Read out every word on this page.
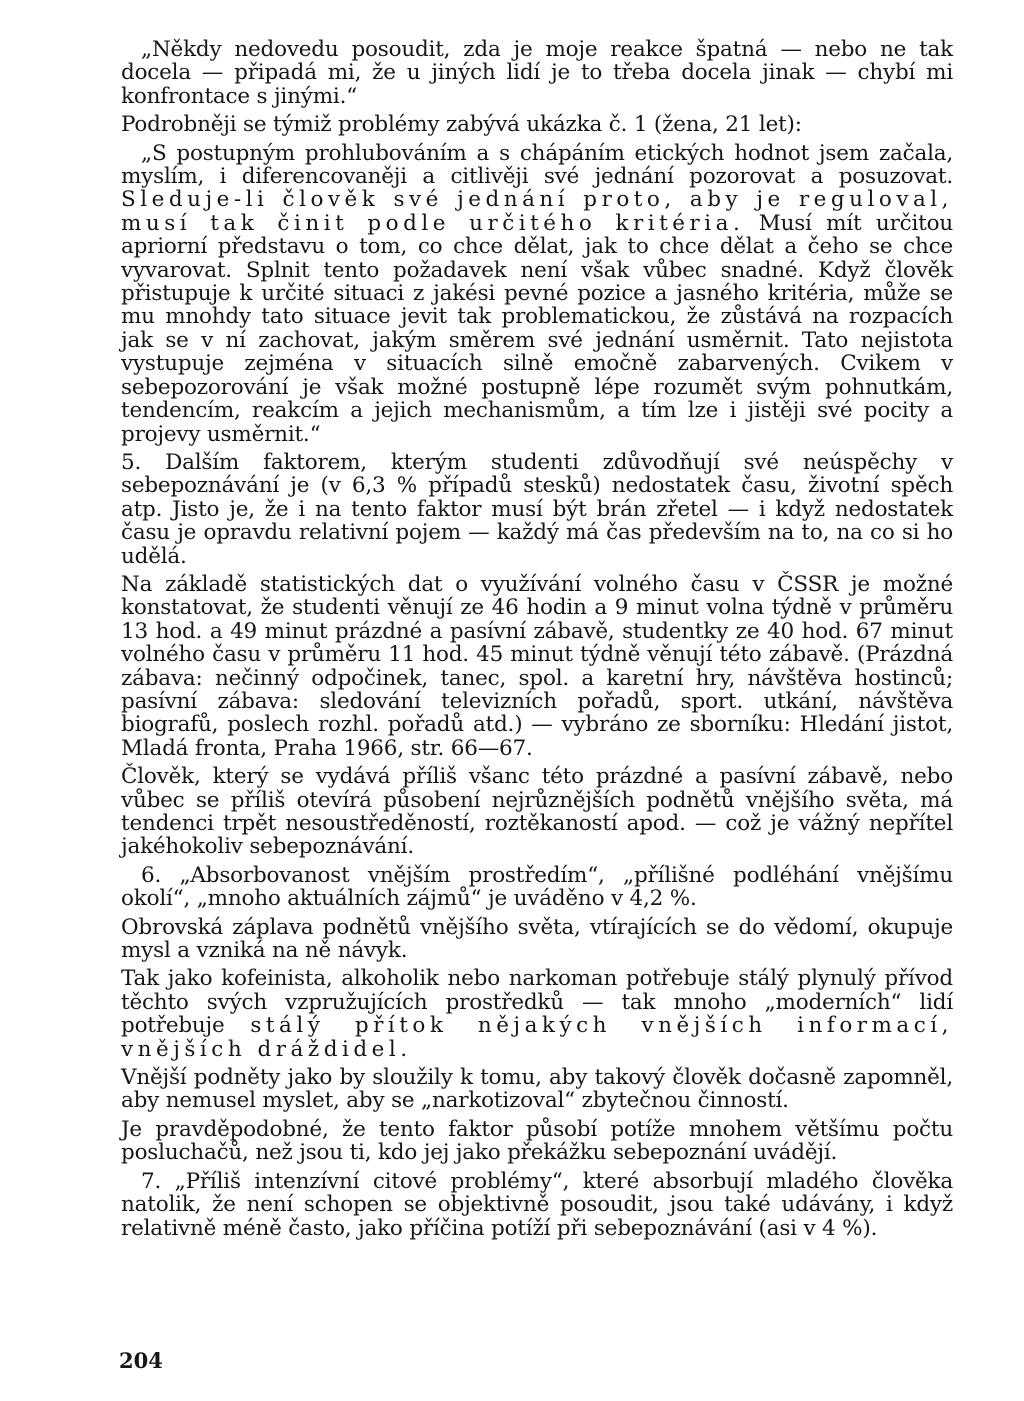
„Někdy nedovedu posoudit, zda je moje reakce špatná — nebo ne tak docela — připadá mi, že u jiných lidí je to třeba docela jinak — chybí mi konfrontace s jinými.“

Podrobněji se týmiž problémy zabývá ukázka č. 1 (žena, 21 let):

„S postupným prohlubováním a s chápáním etických hodnot jsem začala, myslím, i diferencovaněji a citlivěji své jednání pozorovat a posuzovat. Sleduje-li člověk své jednání proto, aby je reguloval, musí tak činit podle určitého kritéria. Musí mít určitou apriorní představu o tom, co chce dělat, jak to chce dělat a čeho se chce vyvarovat. Splnit tento požadavek není však vůbec snadné. Když člověk přistupuje k určité situaci z jakési pevné pozice a jasného kritéria, může se mu mnohdy tato situace jevit tak problematickou, že zůstává na rozpacích jak se v ní zachovat, jakým směrem své jednání usměrnit. Tato nejistota vystupuje zejména v situacích silně emočně zabarvených. Cvikem v sebepozorování je však možné postupně lépe rozumět svým pohnutkám, tendencím, reakcím a jejich mechanismům, a tím lze i jistěji své pocity a projevy usměrnit.“

5. Dalším faktorem, kterým studenti zdůvodňují své neúspěchy v sebepoznávání je (v 6,3 % případů stesků) nedostatek času, životní spěch atp. Jisto je, že i na tento faktor musí být brán zřetel — i když nedostatek času je opravdu relativní pojem — každý má čas především na to, na co si ho udělá.

Na základě statistických dat o využívání volného času v ČSSR je možné konstatovat, že studenti věnují ze 46 hodin a 9 minut volna týdně v průměru 13 hod. a 49 minut prázdné a pasívní zábavě, studentky ze 40 hod. 67 minut volného času v průměru 11 hod. 45 minut týdně věnují této zábavě. (Prázdná zábava: nečinný odpočinek, tanec, spol. a karetní hry, návštěva hostinců; pasívní zábava: sledování televizních pořadů, sport. utkání, návštěva biografů, poslech rozhl. pořadů atd.) — vybráno ze sborníku: Hledání jistot, Mladá fronta, Praha 1966, str. 66—67.

Člověk, který se vydává příliš všanc této prázdné a pasívní zábavě, nebo vůbec se příliš otevírá působení nejrůznějších podnětů vnějšího světa, má tendenci trpět nesoustředěností, roztěkaností apod. — což je vážný nepřítel jakéhokoliv sebepoznávání.

6. „Absorbovanost vnějším prostředím“, „přílišné podléhání vnějšímu okolí“, „mnoho aktuálních zájmů“ je uváděno v 4,2 %.

Obrovská záplava podnětů vnějšího světa, vtírajících se do vědomí, okupuje mysl a vzniká na ně návyk.

Tak jako kofeinista, alkoholik nebo narkoman potřebuje stálý plynulý přívod těchto svých vzpružujících prostředků — tak mnoho „moderních“ lidí potřebuje stálý přítok nějakých vnějších informací, vnějších dráždidel.

Vnější podněty jako by sloužily k tomu, aby takový člověk dočasně zapomněl, aby nemusel myslet, aby se „narkotizoval“ zbytečnou činností.

Je pravděpodobné, že tento faktor působí potíže mnohem většímu počtu posluchačů, než jsou ti, kdo jej jako překážku sebepoznání uvádějí.

7. „Příliš intenzívní citové problémy“, které absorbují mladého člověka natolik, že není schopen se objektivně posoudit, jsou také udávány, i když relativně méně často, jako příčina potíží při sebepoznávání (asi v 4 %).

204
